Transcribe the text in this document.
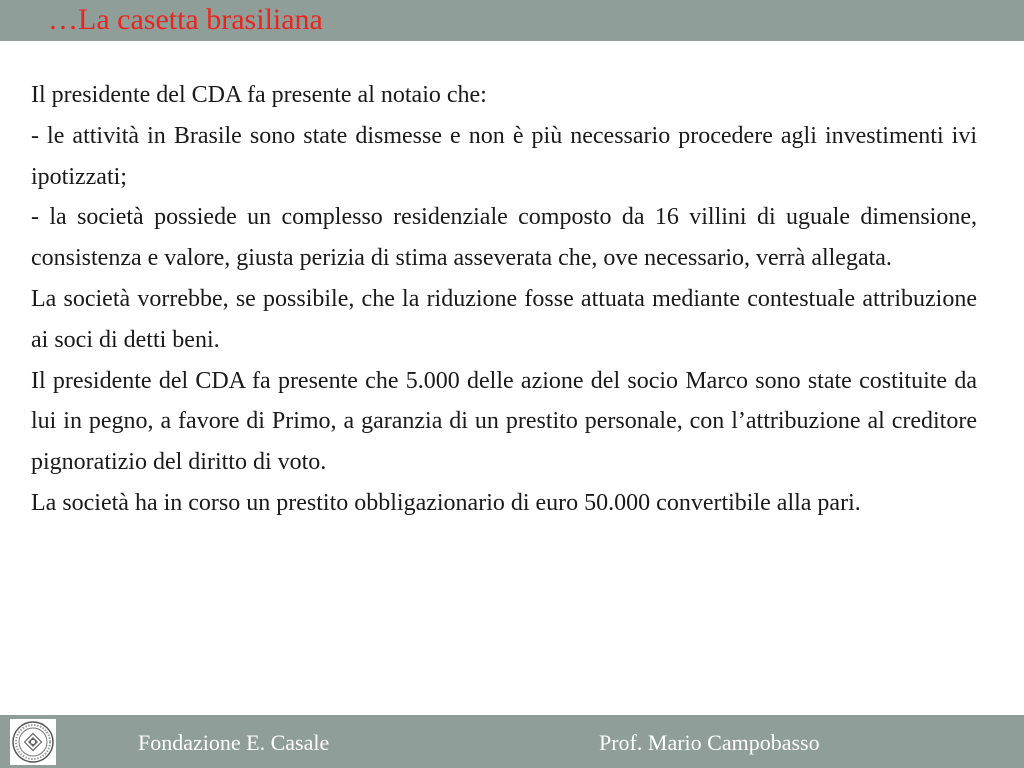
…La casetta brasiliana

Il presidente del CDA fa presente al notaio che:

- le attività in Brasile sono state dismesse e non è più necessario procedere agli investimenti ivi ipotizzati;

- la società possiede un complesso residenziale composto da 16 villini di uguale dimensione, consistenza e valore, giusta perizia di stima asseverata che, ove necessario, verrà allegata.

La società vorrebbe, se possibile, che la riduzione fosse attuata mediante contestuale attribuzione ai soci di detti beni.

Il presidente del CDA fa presente che 5.000 delle azione del socio Marco sono state costituite da lui in pegno, a favore di Primo, a garanzia di un prestito personale, con l’attribuzione al creditore pignoratizio del diritto di voto.

La società ha in corso un prestito obbligazionario di euro 50.000 convertibile alla pari.

Fondazione E. Casale	Prof. Mario Campobasso
